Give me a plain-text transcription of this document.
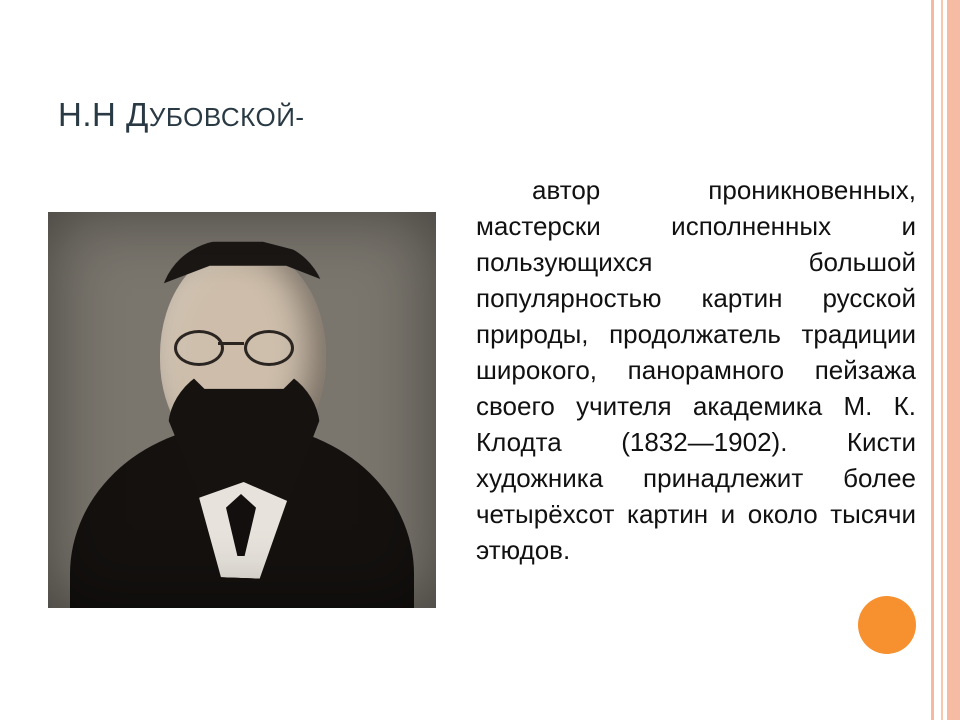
Н.Н ДУБОВСКОЙ-
автор проникновенных, мастерски исполненных и пользующихся большой популярностью картин русской природы, продолжатель традиции широкого, панорамного пейзажа своего учителя академика М. К. Клодта (1832—1902). Кисти художника принадлежит более четырёхсот картин и около тысячи этюдов.
